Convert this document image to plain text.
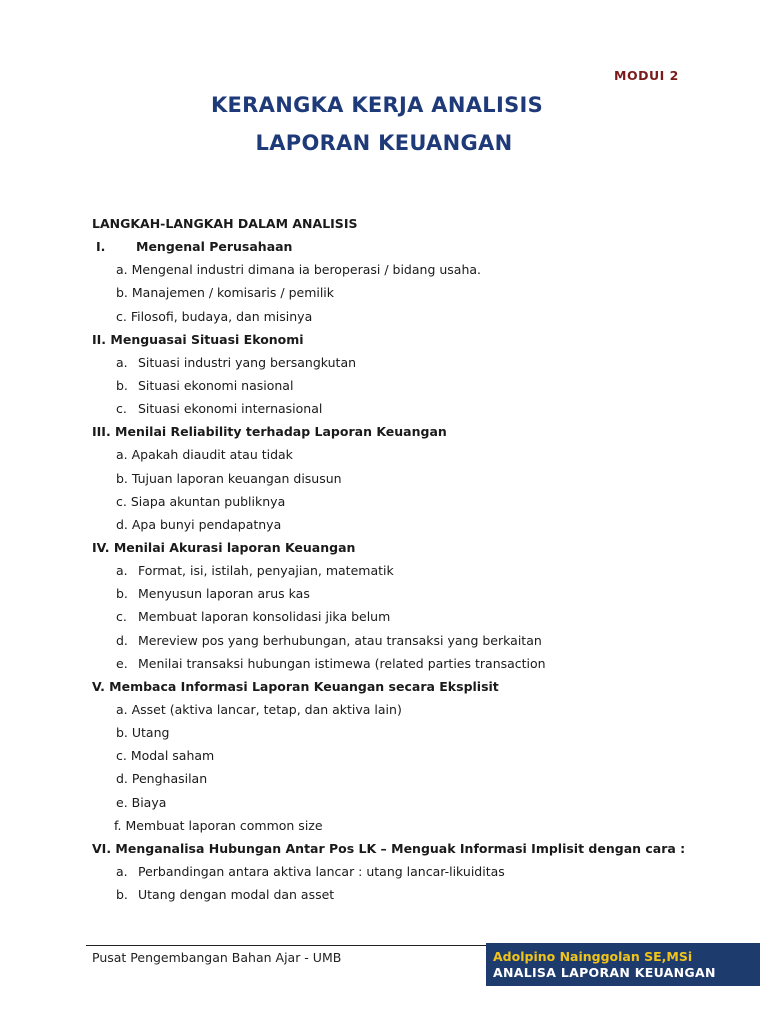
MODUI 2
KERANGKA KERJA ANALISIS
LAPORAN KEUANGAN
LANGKAH-LANGKAH DALAM ANALISIS
I. Mengenal Perusahaan
a. Mengenal industri dimana ia beroperasi / bidang usaha.
b. Manajemen / komisaris / pemilik
c. Filosofi, budaya, dan misinya
II. Menguasai Situasi Ekonomi
a. Situasi industri yang bersangkutan
b. Situasi ekonomi nasional
c. Situasi ekonomi internasional
III. Menilai Reliability terhadap Laporan Keuangan
a. Apakah diaudit atau tidak
b. Tujuan laporan keuangan disusun
c. Siapa akuntan publiknya
d. Apa bunyi pendapatnya
IV. Menilai Akurasi laporan Keuangan
a. Format, isi, istilah, penyajian, matematik
b. Menyusun laporan arus kas
c. Membuat laporan konsolidasi jika belum
d. Mereview pos yang berhubungan, atau transaksi yang berkaitan
e. Menilai transaksi hubungan istimewa (related parties transaction
V. Membaca Informasi Laporan Keuangan secara Eksplisit
a. Asset (aktiva lancar, tetap, dan aktiva lain)
b. Utang
c. Modal saham
d. Penghasilan
e. Biaya
f. Membuat laporan common size
VI. Menganalisa Hubungan Antar Pos LK – Menguak Informasi Implisit dengan cara :
a. Perbandingan antara aktiva lancar : utang lancar-likuiditas
b. Utang dengan modal dan asset
Pusat Pengembangan Bahan Ajar - UMB	Adolpino Nainggolan SE,MSi
ANALISA LAPORAN KEUANGAN
